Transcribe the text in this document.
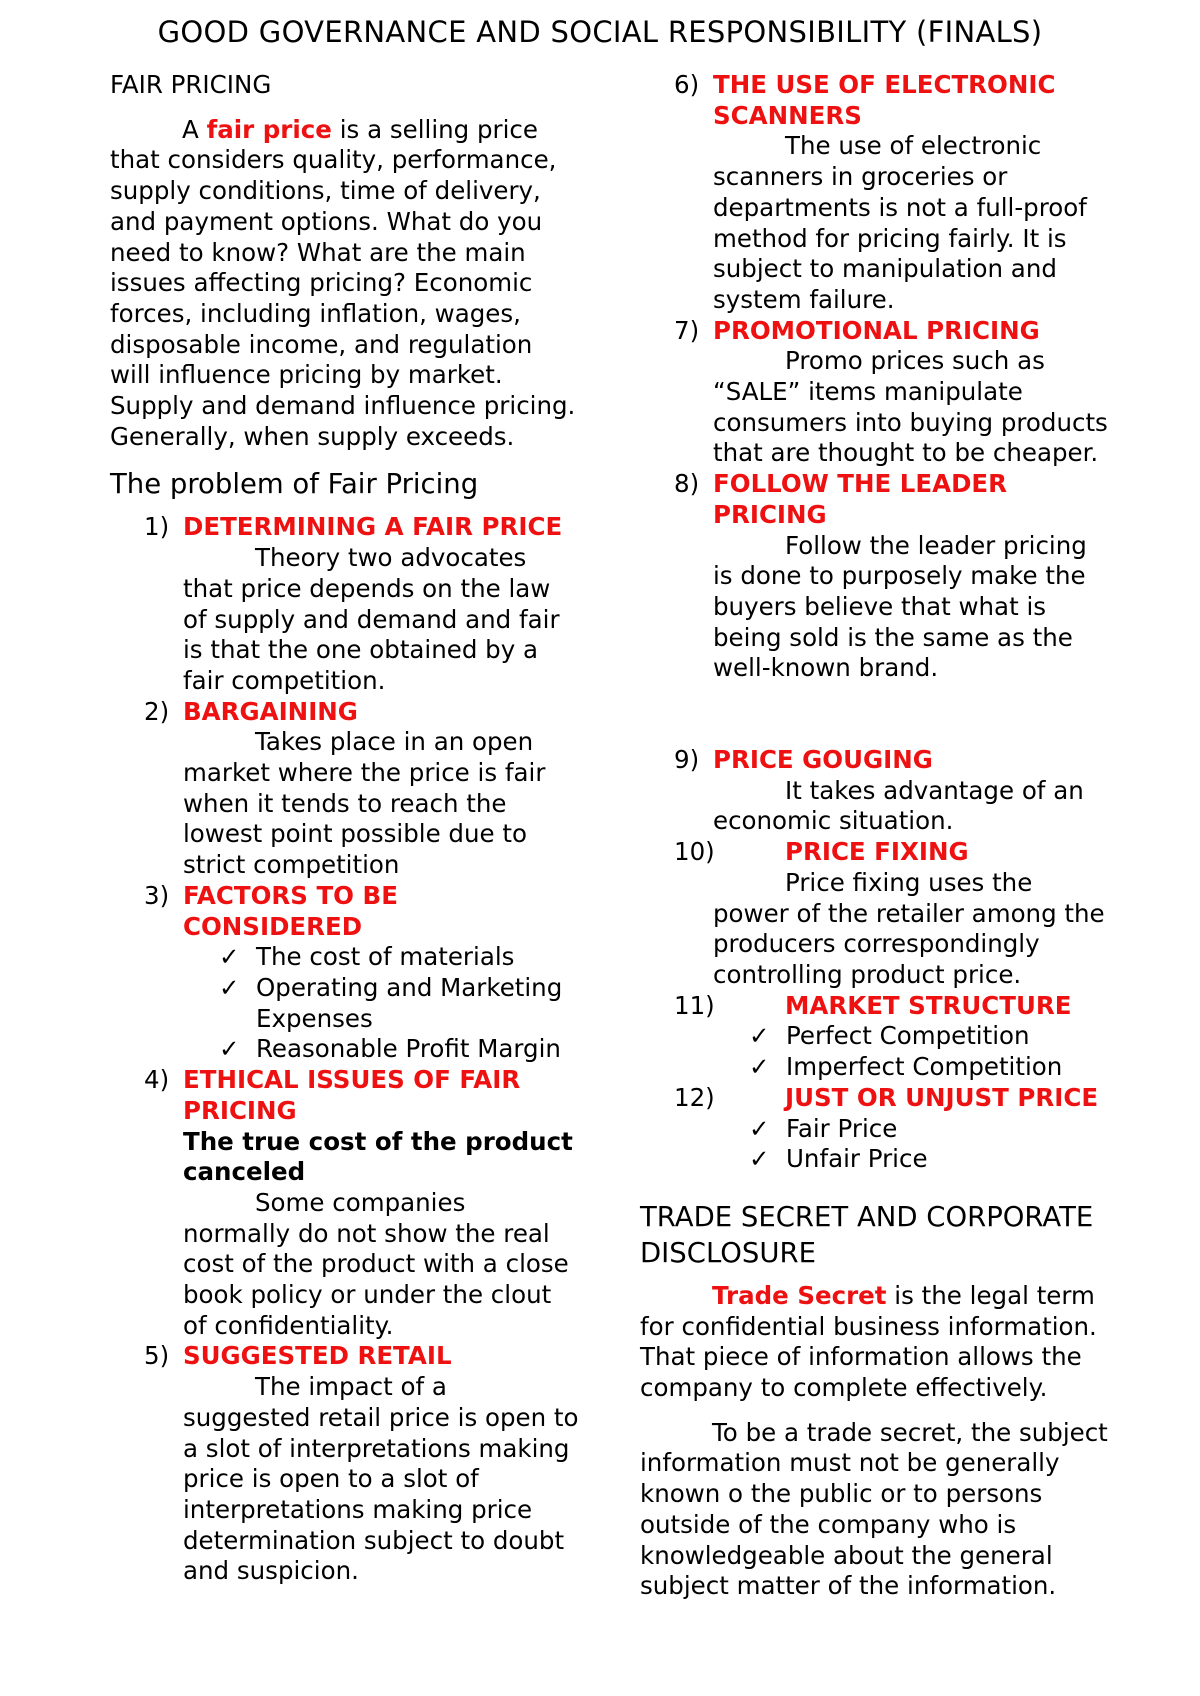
GOOD GOVERNANCE AND SOCIAL RESPONSIBILITY (FINALS)

FAIR PRICING

A fair price is a selling price that considers quality, performance, supply conditions, time of delivery, and payment options. What do you need to know? What are the main issues affecting pricing? Economic forces, including inflation, wages, disposable income, and regulation will influence pricing by market. Supply and demand influence pricing. Generally, when supply exceeds.

The problem of Fair Pricing
1) DETERMINING A FAIR PRICE
Theory two advocates that price depends on the law of supply and demand and fair is that the one obtained by a fair competition.
2) BARGAINING
Takes place in an open market where the price is fair when it tends to reach the lowest point possible due to strict competition
3) FACTORS TO BE CONSIDERED
✓ The cost of materials
✓ Operating and Marketing Expenses
✓ Reasonable Profit Margin
4) ETHICAL ISSUES OF FAIR PRICING
The true cost of the product canceled
Some companies normally do not show the real cost of the product with a close book policy or under the clout of confidentiality.
5) SUGGESTED RETAIL
The impact of a suggested retail price is open to a slot of interpretations making price is open to a slot of interpretations making price determination subject to doubt and suspicion.
6) THE USE OF ELECTRONIC SCANNERS
The use of electronic scanners in groceries or departments is not a full-proof method for pricing fairly. It is subject to manipulation and system failure.
7) PROMOTIONAL PRICING
Promo prices such as “SALE” items manipulate consumers into buying products that are thought to be cheaper.
8) FOLLOW THE LEADER PRICING
Follow the leader pricing is done to purposely make the buyers believe that what is being sold is the same as the well-known brand.
9) PRICE GOUGING
It takes advantage of an economic situation.
10)	PRICE FIXING
Price fixing uses the power of the retailer among the producers correspondingly controlling product price.
11)	MARKET STRUCTURE
✓ Perfect Competition
✓ Imperfect Competition
12)	JUST OR UNJUST PRICE
✓ Fair Price
✓ Unfair Price
TRADE SECRET AND CORPORATE DISCLOSURE

Trade Secret is the legal term for confidential business information. That piece of information allows the company to complete effectively.

To be a trade secret, the subject information must not be generally known o the public or to persons outside of the company who is knowledgeable about the general subject matter of the information.
